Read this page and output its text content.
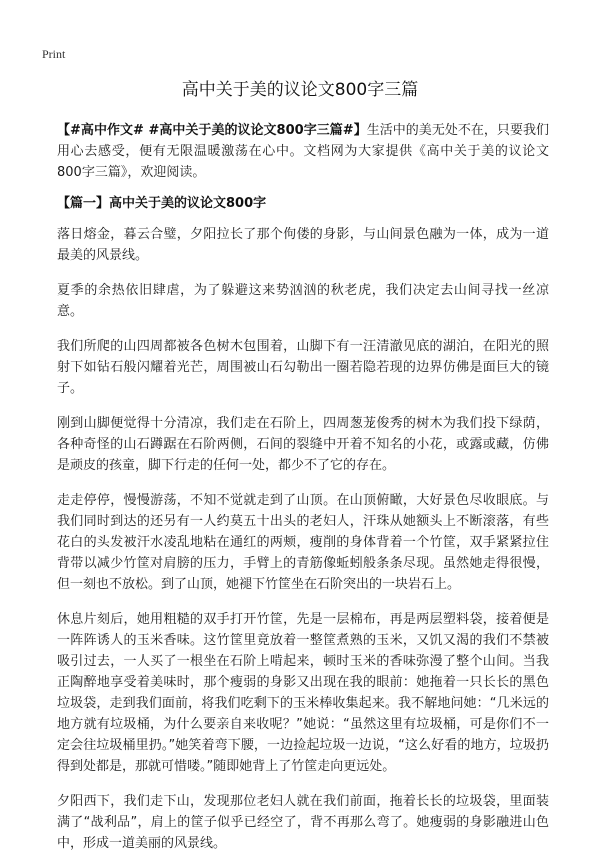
Print
高中关于美的议论文800字三篇

【#高中作文# #高中关于美的议论文800字三篇#】生活中的美无处不在，只要我们用心去感受，便有无限温暖激荡在心中。文档网为大家提供《高中关于美的议论文800字三篇》，欢迎阅读。

【篇一】高中关于美的议论文800字

落日熔金，暮云合璧，夕阳拉长了那个佝偻的身影，与山间景色融为一体，成为一道最美的风景线。

夏季的余热依旧肆虐，为了躲避这来势汹汹的秋老虎，我们决定去山间寻找一丝凉意。

我们所爬的山四周都被各色树木包围着，山脚下有一汪清澈见底的湖泊，在阳光的照射下如钻石般闪耀着光芒，周围被山石勾勒出一圈若隐若现的边界仿佛是面巨大的镜子。

刚到山脚便觉得十分清凉，我们走在石阶上，四周葱茏俊秀的树木为我们投下绿荫，各种奇怪的山石蹲踞在石阶两侧，石间的裂缝中开着不知名的小花，或露或藏，仿佛是顽皮的孩童，脚下行走的任何一处，都少不了它的存在。

走走停停，慢慢游荡，不知不觉就走到了山顶。在山顶俯瞰，大好景色尽收眼底。与我们同时到达的还另有一人约莫五十出头的老妇人，汗珠从她额头上不断滚落，有些花白的头发被汗水凌乱地粘在通红的两颊，瘦削的身体背着一个竹筐，双手紧紧拉住背带以减少竹筐对肩膀的压力，手臂上的青筋像蚯蚓般条条尽现。虽然她走得很慢，但一刻也不放松。到了山顶，她褪下竹筐坐在石阶突出的一块岩石上。

休息片刻后，她用粗糙的双手打开竹筐，先是一层棉布，再是两层塑料袋，接着便是一阵阵诱人的玉米香味。这竹筐里竟放着一整筐煮熟的玉米，又饥又渴的我们不禁被吸引过去，一人买了一根坐在石阶上啃起来，顿时玉米的香味弥漫了整个山间。当我正陶醉地享受着美味时，那个瘦弱的身影又出现在我的眼前：她拖着一只长长的黑色垃圾袋，走到我们面前，将我们吃剩下的玉米棒收集起来。我不解地问她：“几米远的地方就有垃圾桶，为什么要亲自来收呢？”她说：“虽然这里有垃圾桶，可是你们不一定会往垃圾桶里扔。”她笑着弯下腰，一边捡起垃圾一边说，“这么好看的地方，垃圾扔得到处都是，那就可惜喽。”随即她背上了竹筐走向更远处。

夕阳西下，我们走下山，发现那位老妇人就在我们前面，拖着长长的垃圾袋，里面装满了“战利品”，肩上的筐子似乎已经空了，背不再那么弯了。她瘦弱的身影融进山色中，形成一道美丽的风景线。
